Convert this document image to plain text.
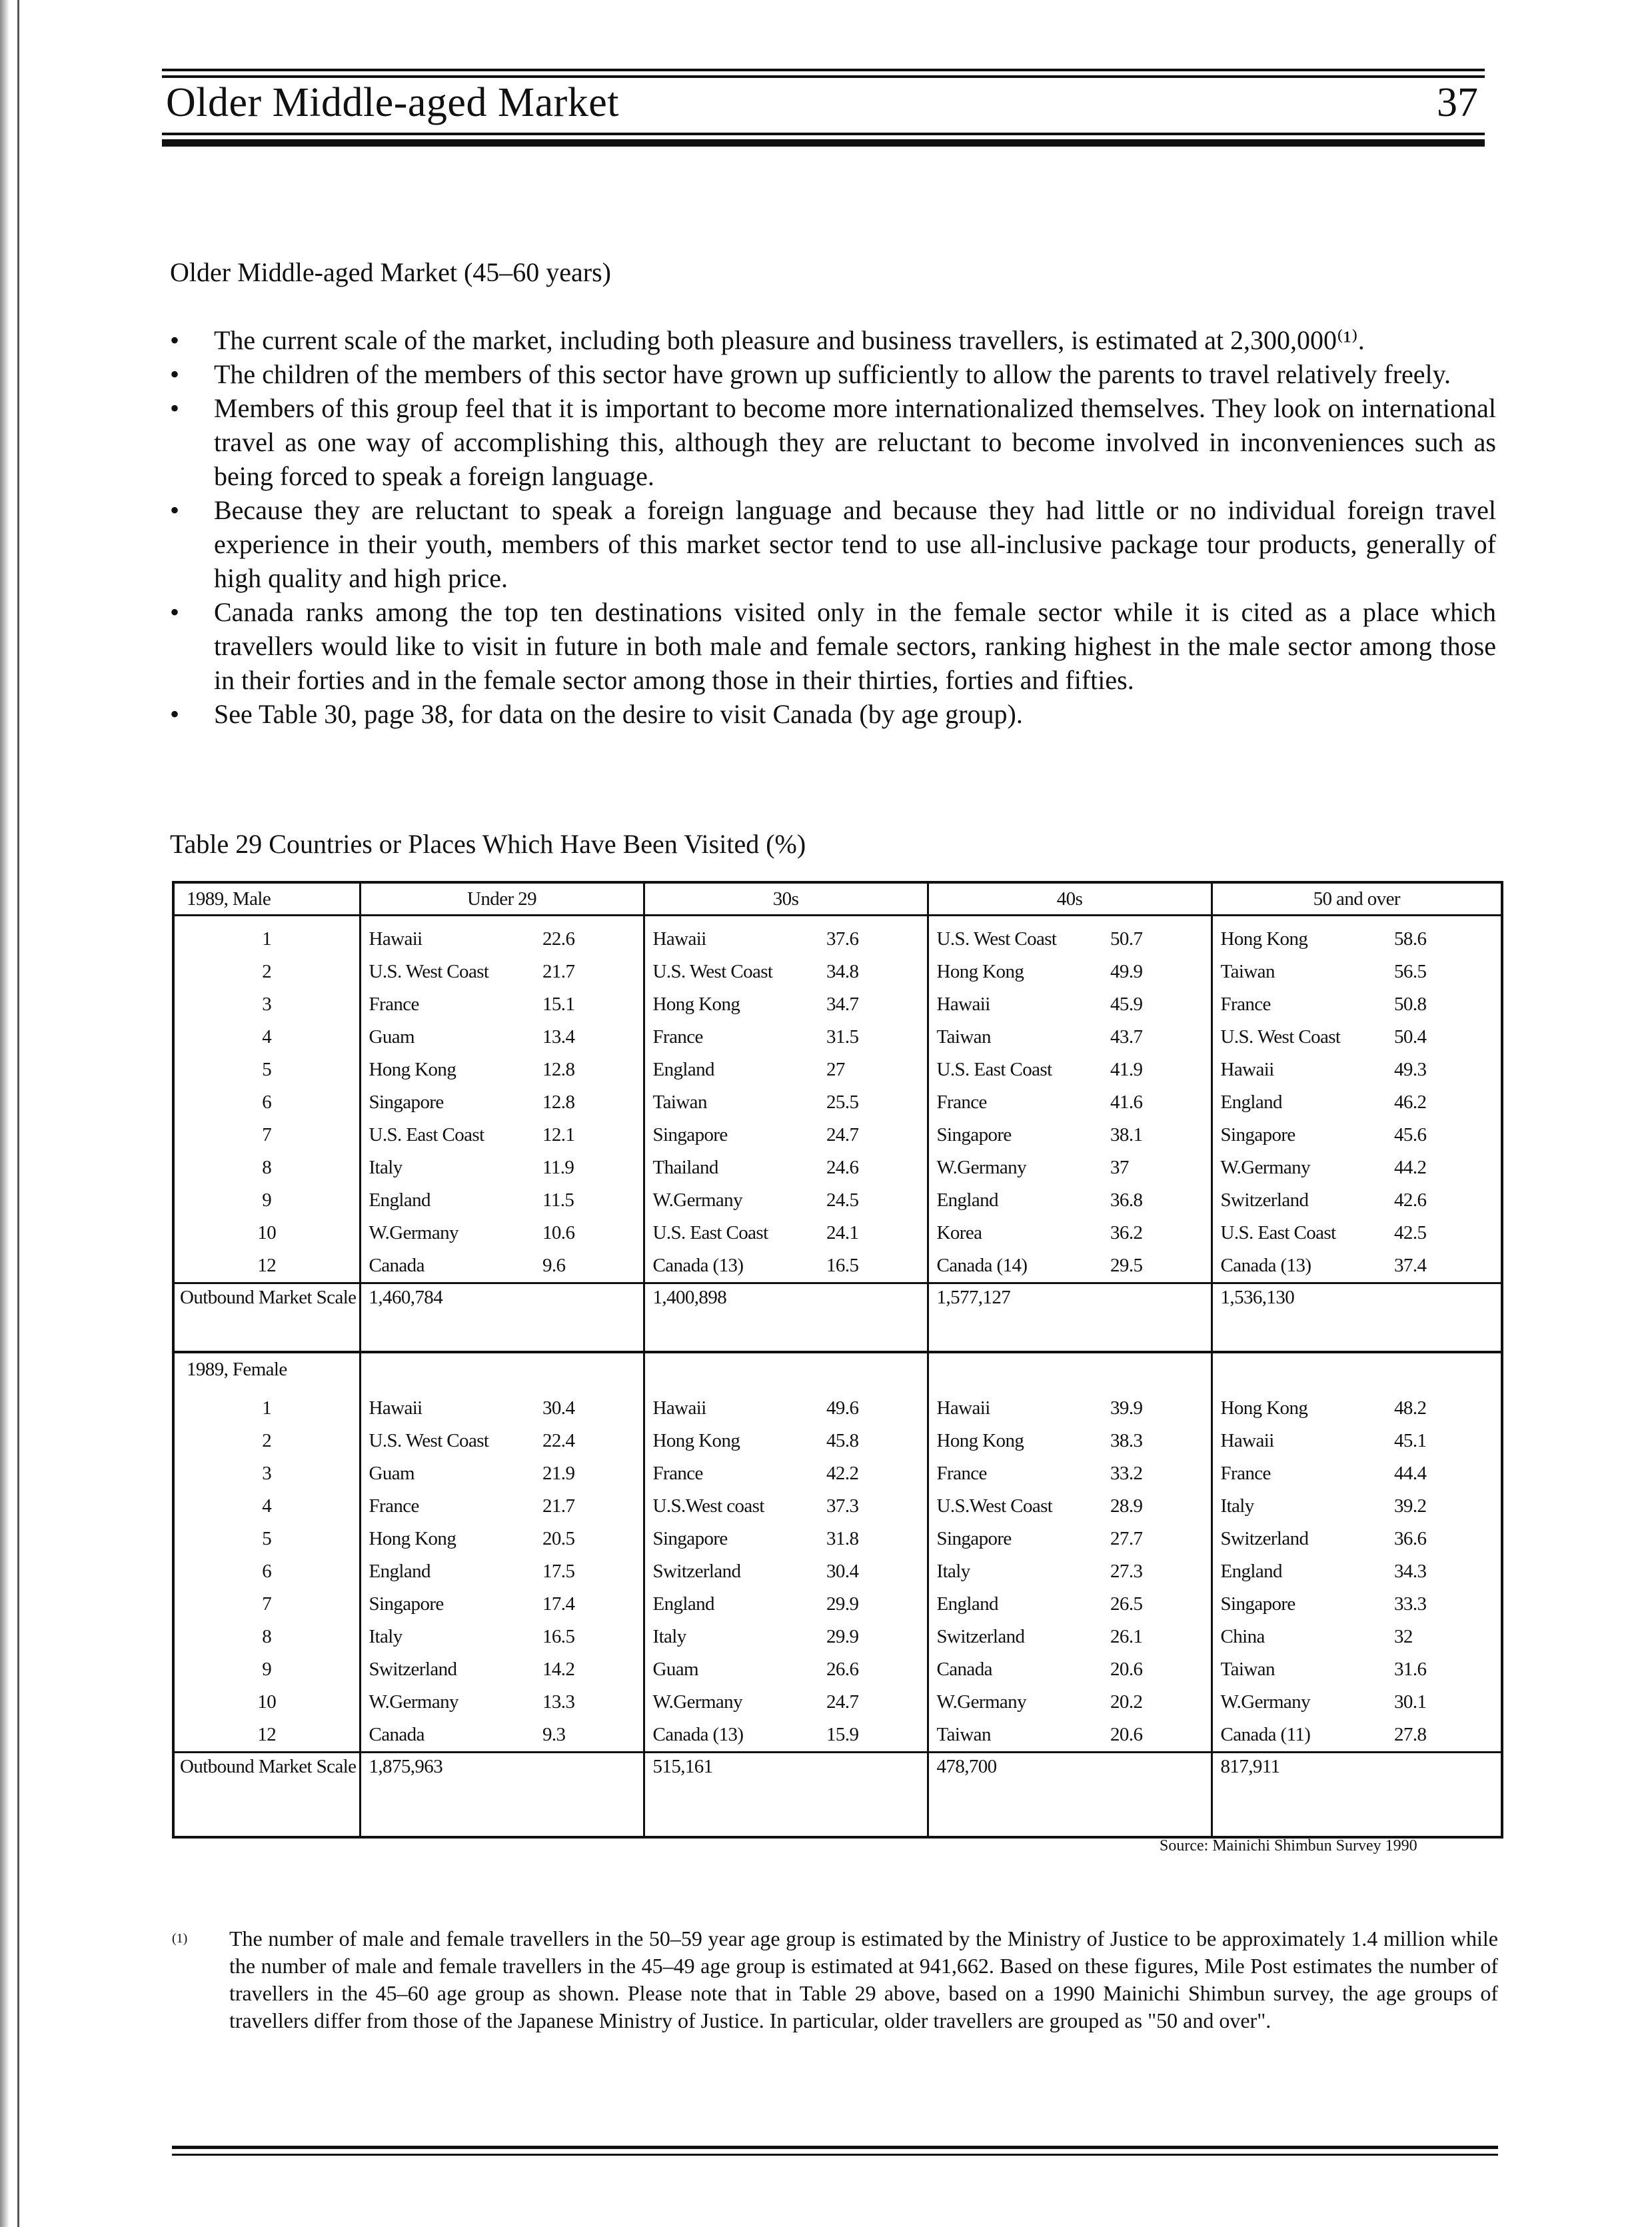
Older Middle-aged Market	37
Older Middle-aged Market (45–60 years)
• The current scale of the market, including both pleasure and business travellers, is estimated at 2,300,000⁽¹⁾.
• The children of the members of this sector have grown up sufficiently to allow the parents to travel relatively freely.
• Members of this group feel that it is important to become more internationalized themselves. They look on international travel as one way of accomplishing this, although they are reluctant to become involved in inconveniences such as being forced to speak a foreign language.
• Because they are reluctant to speak a foreign language and because they had little or no individual foreign travel experience in their youth, members of this market sector tend to use all-inclusive package tour products, generally of high quality and high price.
• Canada ranks among the top ten destinations visited only in the female sector while it is cited as a place which travellers would like to visit in future in both male and female sectors, ranking highest in the male sector among those in their forties and in the female sector among those in their thirties, forties and fifties.
• See Table 30, page 38, for data on the desire to visit Canada (by age group).
Table 29 Countries or Places Which Have Been Visited (%)
1989, Male	Under 29		30s		40s		50 and over	
1	Hawaii	22.6	Hawaii	37.6	U.S. West Coast	50.7	Hong Kong	58.6
2	U.S. West Coast	21.7	U.S. West Coast	34.8	Hong Kong	49.9	Taiwan	56.5
3	France	15.1	Hong Kong	34.7	Hawaii	45.9	France	50.8
4	Guam	13.4	France	31.5	Taiwan	43.7	U.S. West Coast	50.4
5	Hong Kong	12.8	England	27	U.S. East Coast	41.9	Hawaii	49.3
6	Singapore	12.8	Taiwan	25.5	France	41.6	England	46.2
7	U.S. East Coast	12.1	Singapore	24.7	Singapore	38.1	Singapore	45.6
8	Italy	11.9	Thailand	24.6	W.Germany	37	W.Germany	44.2
9	England	11.5	W.Germany	24.5	England	36.8	Switzerland	42.6
10	W.Germany	10.6	U.S. East Coast	24.1	Korea	36.2	U.S. East Coast	42.5
12	Canada	9.6	Canada (13)	16.5	Canada (14)	29.5	Canada (13)	37.4
Outbound Market Scale	1,460,784		1,400,898		1,577,127		1,536,130	
1989, Female								
1	Hawaii	30.4	Hawaii	49.6	Hawaii	39.9	Hong Kong	48.2
2	U.S. West Coast	22.4	Hong Kong	45.8	Hong Kong	38.3	Hawaii	45.1
3	Guam	21.9	France	42.2	France	33.2	France	44.4
4	France	21.7	U.S.West coast	37.3	U.S.West Coast	28.9	Italy	39.2
5	Hong Kong	20.5	Singapore	31.8	Singapore	27.7	Switzerland	36.6
6	England	17.5	Switzerland	30.4	Italy	27.3	England	34.3
7	Singapore	17.4	England	29.9	England	26.5	Singapore	33.3
8	Italy	16.5	Italy	29.9	Switzerland	26.1	China	32
9	Switzerland	14.2	Guam	26.6	Canada	20.6	Taiwan	31.6
10	W.Germany	13.3	W.Germany	24.7	W.Germany	20.2	W.Germany	30.1
12	Canada	9.3	Canada (13)	15.9	Taiwan	20.6	Canada (11)	27.8
Outbound Market Scale	1,875,963		515,161		478,700		817,911	
Source: Mainichi Shimbun Survey 1990
(1) The number of male and female travellers in the 50–59 year age group is estimated by the Ministry of Justice to be approximately 1.4 million while the number of male and female travellers in the 45–49 age group is estimated at 941,662. Based on these figures, Mile Post estimates the number of travellers in the 45–60 age group as shown. Please note that in Table 29 above, based on a 1990 Mainichi Shimbun survey, the age groups of travellers differ from those of the Japanese Ministry of Justice. In particular, older travellers are grouped as "50 and over".
